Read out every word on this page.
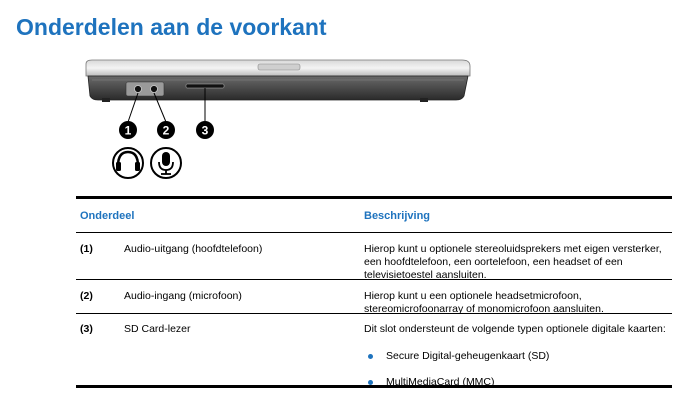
Onderdelen aan de voorkant
1	2	3
Onderdeel	Beschrijving
(1)	Audio-uitgang (hoofdtelefoon)	Hierop kunt u optionele stereoluidsprekers met eigen versterker, een hoofdtelefoon, een oortelefoon, een headset of een televisietoestel aansluiten.
(2)	Audio-ingang (microfoon)	Hierop kunt u een optionele headsetmicrofoon, stereomicrofoonarray of monomicrofoon aansluiten.
(3)	SD Card-lezer	Dit slot ondersteunt de volgende typen optionele digitale kaarten:
Secure Digital-geheugenkaart (SD)
MultiMediaCard (MMC)
